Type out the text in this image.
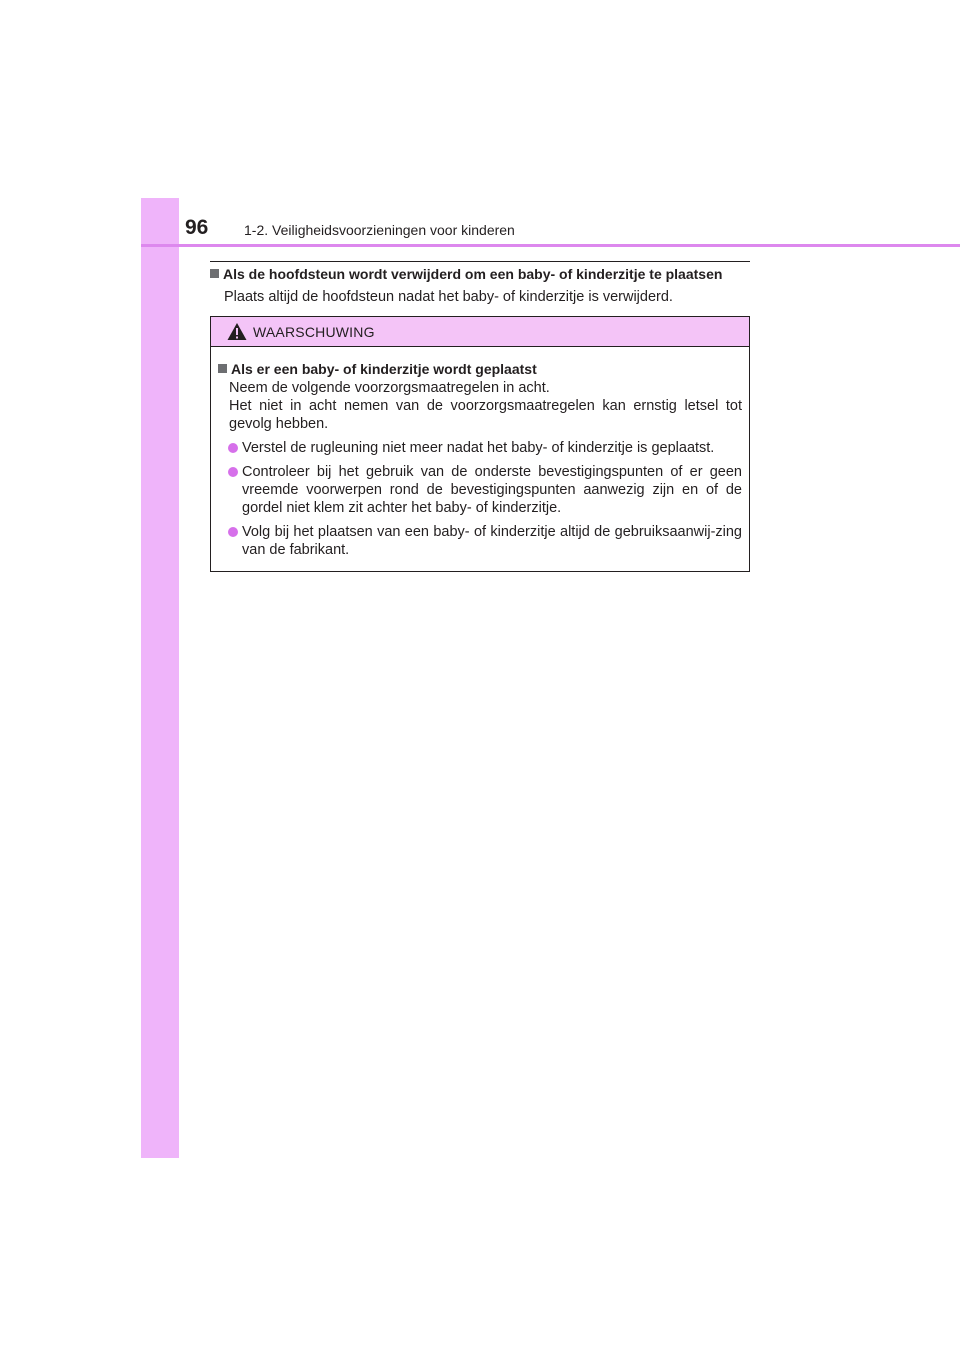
96	1-2. Veiligheidsvoorzieningen voor kinderen
Als de hoofdsteun wordt verwijderd om een baby- of kinderzitje te plaatsen
Plaats altijd de hoofdsteun nadat het baby- of kinderzitje is verwijderd.
WAARSCHUWING
Als er een baby- of kinderzitje wordt geplaatst
Neem de volgende voorzorgsmaatregelen in acht.
Het niet in acht nemen van de voorzorgsmaatregelen kan ernstig letsel tot gevolg hebben.
Verstel de rugleuning niet meer nadat het baby- of kinderzitje is geplaatst.
Controleer bij het gebruik van de onderste bevestigingspunten of er geen vreemde voorwerpen rond de bevestigingspunten aanwezig zijn en of de gordel niet klem zit achter het baby- of kinderzitje.
Volg bij het plaatsen van een baby- of kinderzitje altijd de gebruiksaanwij-zing van de fabrikant.
